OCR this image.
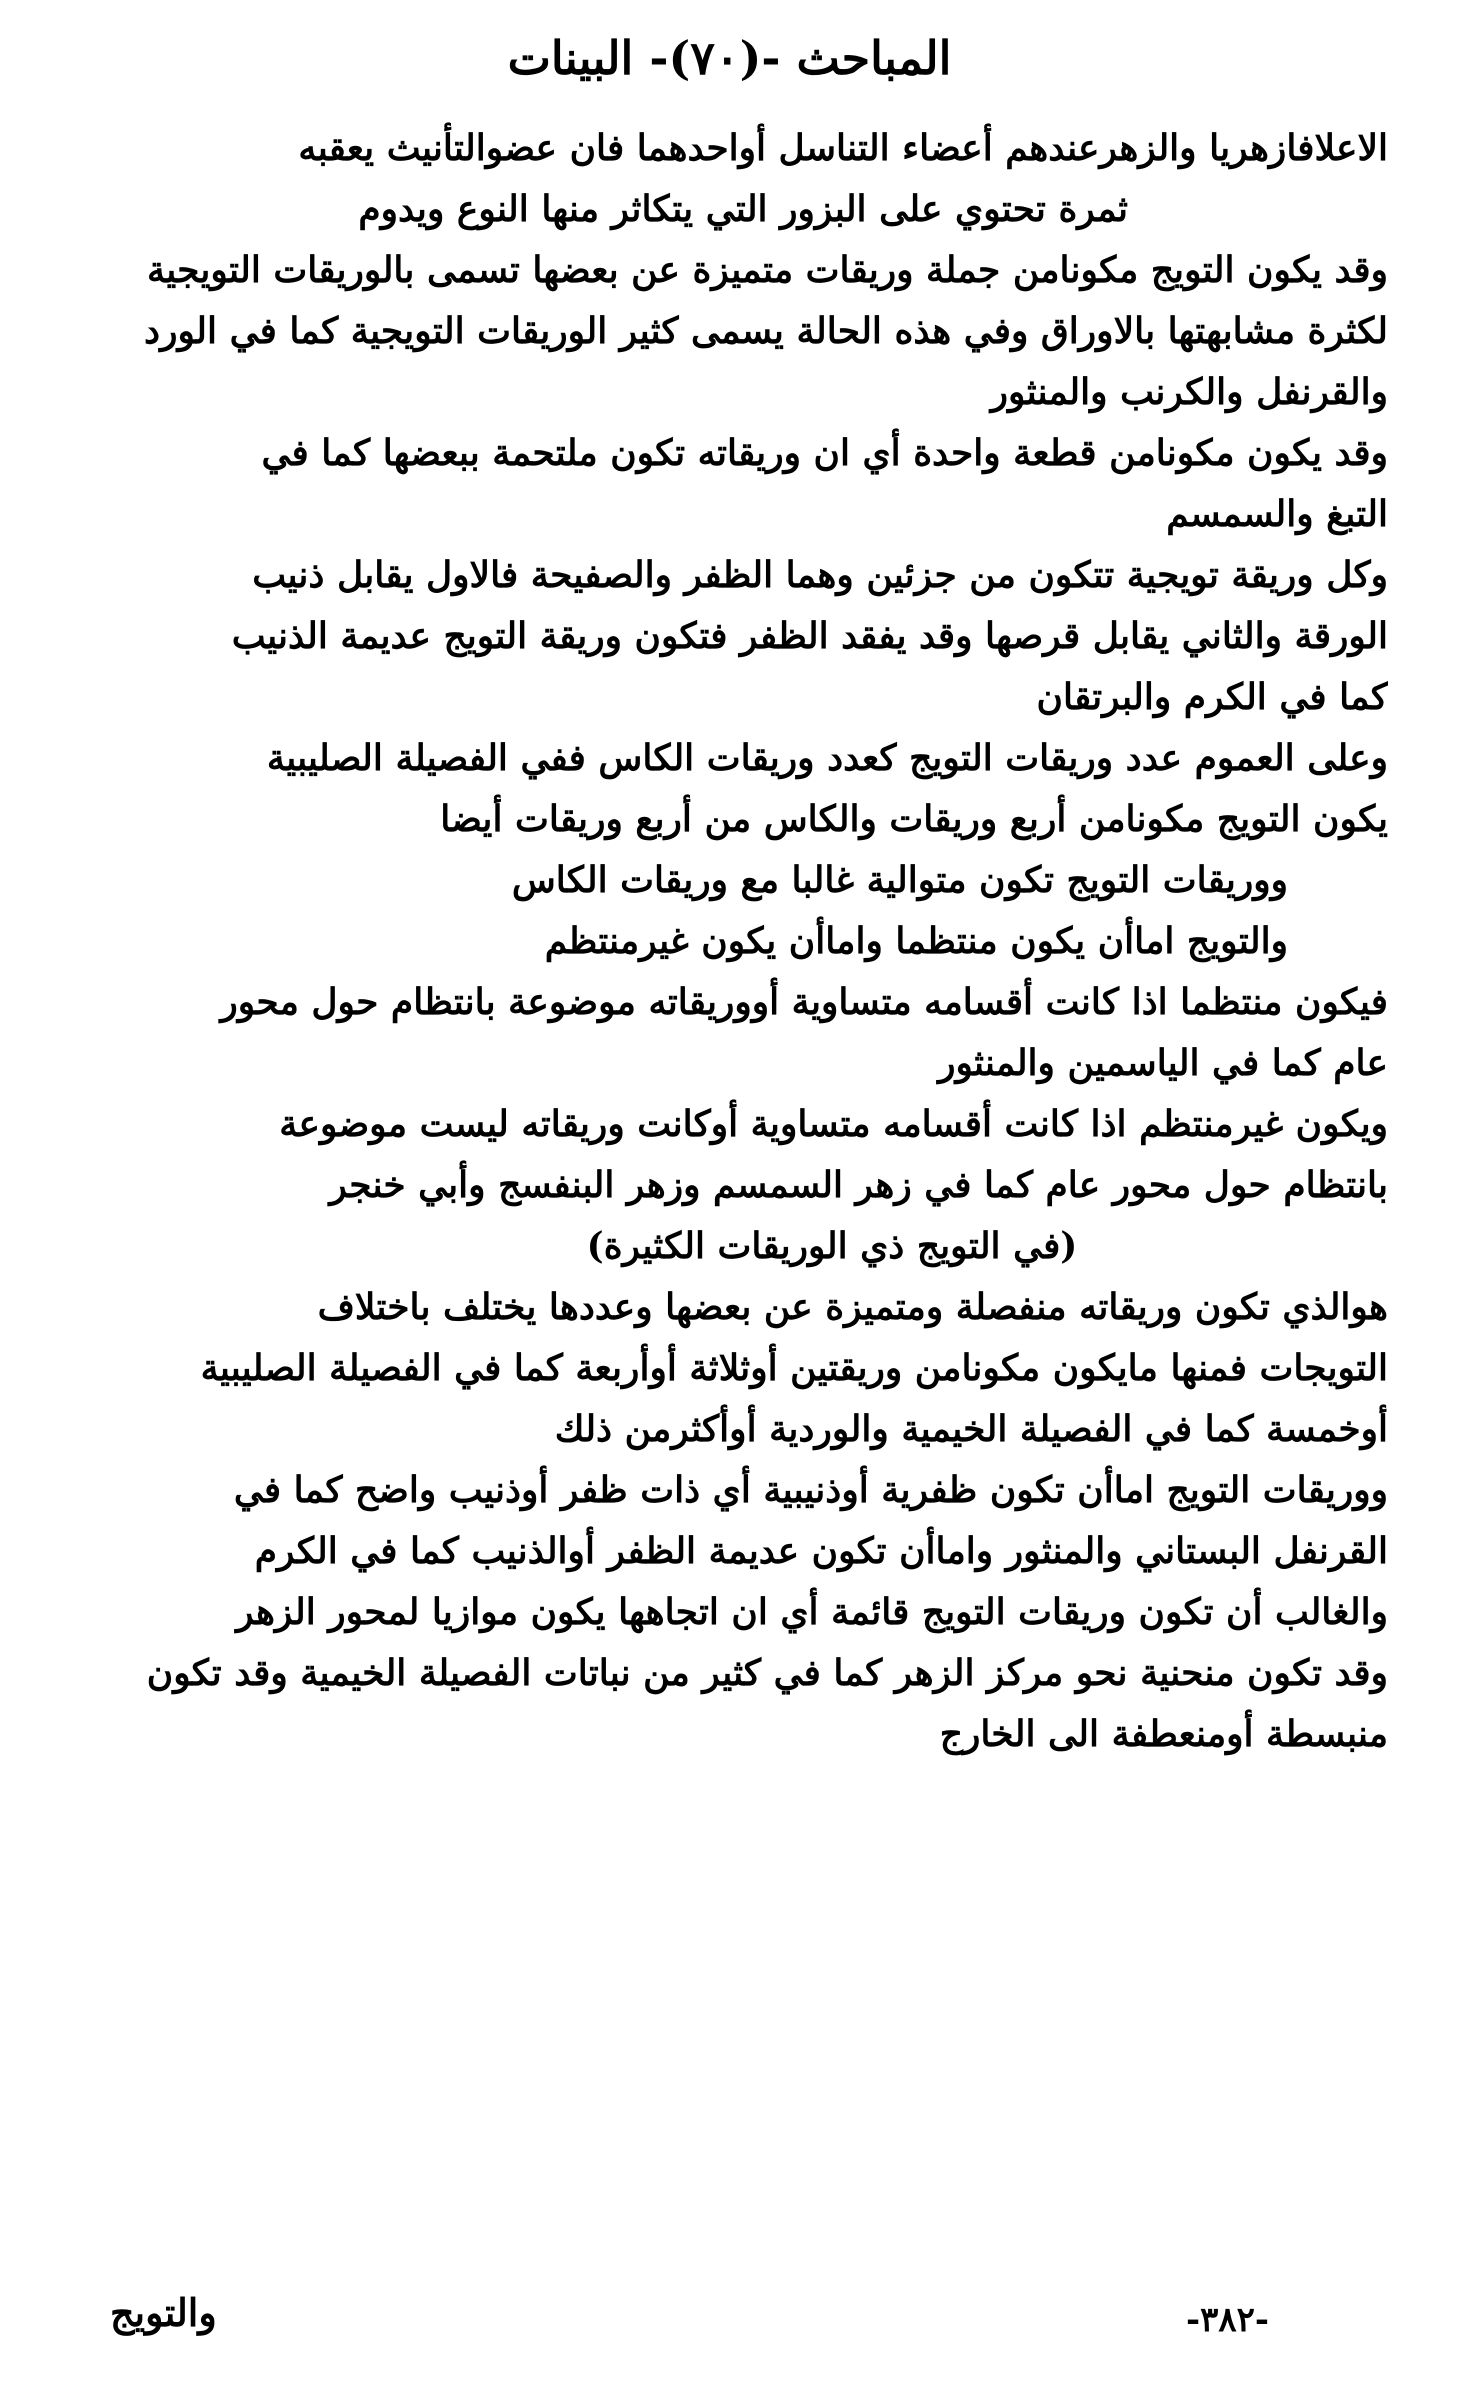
المباحث -(٧٠)- البينات
الاعلافازهريا والزهرعندهم أعضاء التناسل أواحدهما فان عضوالتأنيث يعقبه
ثمرة تحتوي على البزور التي يتكاثر منها النوع ويدوم
وقد يكون التويج مكونامن جملة وريقات متميزة عن بعضها تسمى بالوريقات التويجية
لكثرة مشابهتها بالاوراق وفي هذه الحالة يسمى كثير الوريقات التويجية كما في الورد
والقرنفل والكرنب والمنثور
وقد يكون مكونامن قطعة واحدة أي ان وريقاته تكون ملتحمة ببعضها كما في
التبغ والسمسم
وكل وريقة تويجية تتكون من جزئين وهما الظفر والصفيحة فالاول يقابل ذنيب
الورقة والثاني يقابل قرصها وقد يفقد الظفر فتكون وريقة التويج عديمة الذنيب
كما في الكرم والبرتقان
وعلى العموم عدد وريقات التويج كعدد وريقات الكاس ففي الفصيلة الصليبية
يكون التويج مكونامن أربع وريقات والكاس من أربع وريقات أيضا
ووريقات التويج تكون متوالية غالبا مع وريقات الكاس
والتويج اماأن يكون منتظما واماأن يكون غيرمنتظم
فيكون منتظما اذا كانت أقسامه متساوية أووريقاته موضوعة بانتظام حول محور
عام كما في الياسمين والمنثور
ويكون غيرمنتظم اذا كانت أقسامه متساوية أوكانت وريقاته ليست موضوعة
بانتظام حول محور عام كما في زهر السمسم وزهر البنفسج وأبي خنجر
(في التويج ذي الوريقات الكثيرة)
هوالذي تكون وريقاته منفصلة ومتميزة عن بعضها وعددها يختلف باختلاف
التويجات فمنها مايكون مكونامن وريقتين أوثلاثة أوأربعة كما في الفصيلة الصليبية
أوخمسة كما في الفصيلة الخيمية والوردية أوأكثرمن ذلك
ووريقات التويج اماأن تكون ظفرية أوذنيبية أي ذات ظفر أوذنيب واضح كما في
القرنفل البستاني والمنثور واماأن تكون عديمة الظفر أوالذنيب كما في الكرم
والغالب أن تكون وريقات التويج قائمة أي ان اتجاهها يكون موازيا لمحور الزهر
وقد تكون منحنية نحو مركز الزهر كما في كثير من نباتات الفصيلة الخيمية وقد تكون
منبسطة أومنعطفة الى الخارج
والتويج	-٣٨٢-
